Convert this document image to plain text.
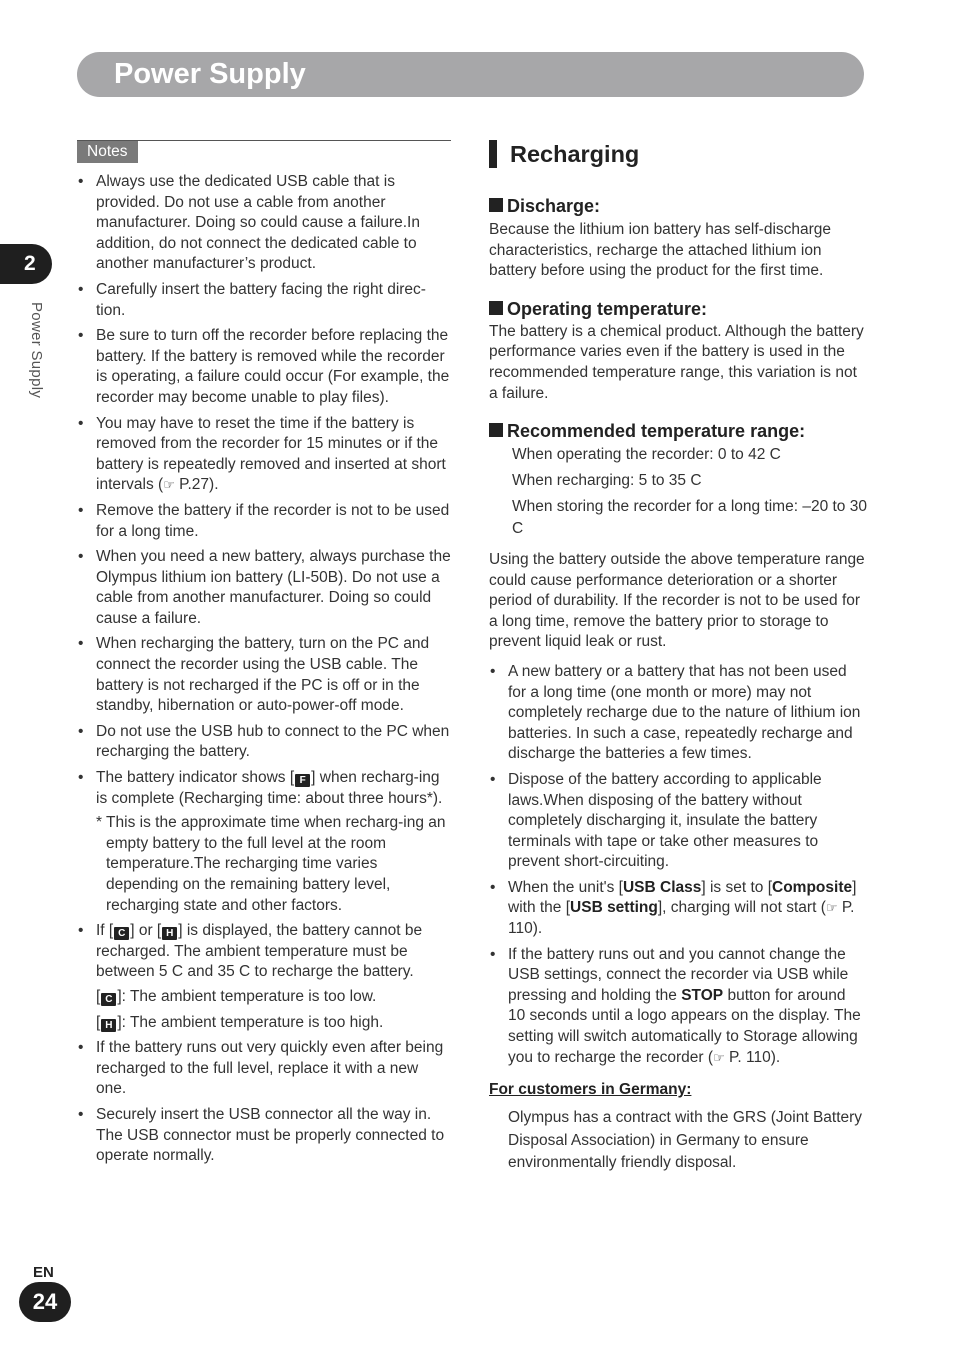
Power Supply
2
Power Supply
Notes
• Always use the dedicated USB cable that is provided. Do not use a cable from another manufacturer. Doing so could cause a failure.In addition, do not connect the dedicated cable to another manufacturer’s product.
• Carefully insert the battery facing the right direc-tion.
• Be sure to turn off the recorder before replacing the battery. If the battery is removed while the recorder is operating, a failure could occur (For example, the recorder may become unable to play files).
• You may have to reset the time if the battery is removed from the recorder for 15 minutes or if the battery is repeatedly removed and inserted at short intervals (☞ P.27).
• Remove the battery if the recorder is not to be used for a long time.
• When you need a new battery, always purchase the Olympus lithium ion battery (LI-50B). Do not use a cable from another manufacturer. Doing so could cause a failure.
• When recharging the battery, turn on the PC and connect the recorder using the USB cable. The battery is not recharged if the PC is off or in the standby, hibernation or auto-power-off mode.
• Do not use the USB hub to connect to the PC when recharging the battery.
• The battery indicator shows [ F ] when recharg-ing is complete (Recharging time: about three hours*).
* This is the approximate time when recharg-ing an empty battery to the full level at the room temperature.The recharging time varies depending on the remaining battery level, recharging state and other factors.
• If [ C ] or [ H ] is displayed, the battery cannot be recharged. The ambient temperature must be between 5 C and 35 C to recharge the battery.
[ C ]: The ambient temperature is too low.
[ H ]: The ambient temperature is too high.
• If the battery runs out very quickly even after being recharged to the full level, replace it with a new one.
• Securely insert the USB connector all the way in. The USB connector must be properly connected to operate normally.
Recharging
Discharge:

Because the lithium ion battery has self-discharge characteristics, recharge the attached lithium ion battery before using the product for the first time.

Operating temperature:

The battery is a chemical product. Although the battery performance varies even if the battery is used in the recommended temperature range, this variation is not a failure.

Recommended temperature range:
When operating the recorder: 0 to 42 C
When recharging: 5 to 35 C
When storing the recorder for a long time: –20 to 30 C

Using the battery outside the above temperature range could cause performance deterioration or a shorter period of durability. If the recorder is not to be used for a long time, remove the battery prior to storage to prevent liquid leak or rust.

• A new battery or a battery that has not been used for a long time (one month or more) may not completely recharge due to the nature of lithium ion batteries. In such a case, repeatedly recharge and discharge the batteries a few times.
• Dispose of the battery according to applicable laws.When disposing of the battery without completely discharging it, insulate the battery terminals with tape or take other measures to prevent short-circuiting.
• When the unit's [USB Class] is set to [Composite] with the [USB setting], charging will not start (☞ P. 110).
• If the battery runs out and you cannot change the USB settings, connect the recorder via USB while pressing and holding the STOP button for around 10 seconds until a logo appears on the display. The setting will switch automatically to Storage allowing you to recharge the recorder (☞ P. 110).
For customers in Germany:
Olympus has a contract with the GRS (Joint Battery Disposal Association) in Germany to ensure environmentally friendly disposal.
EN
24
